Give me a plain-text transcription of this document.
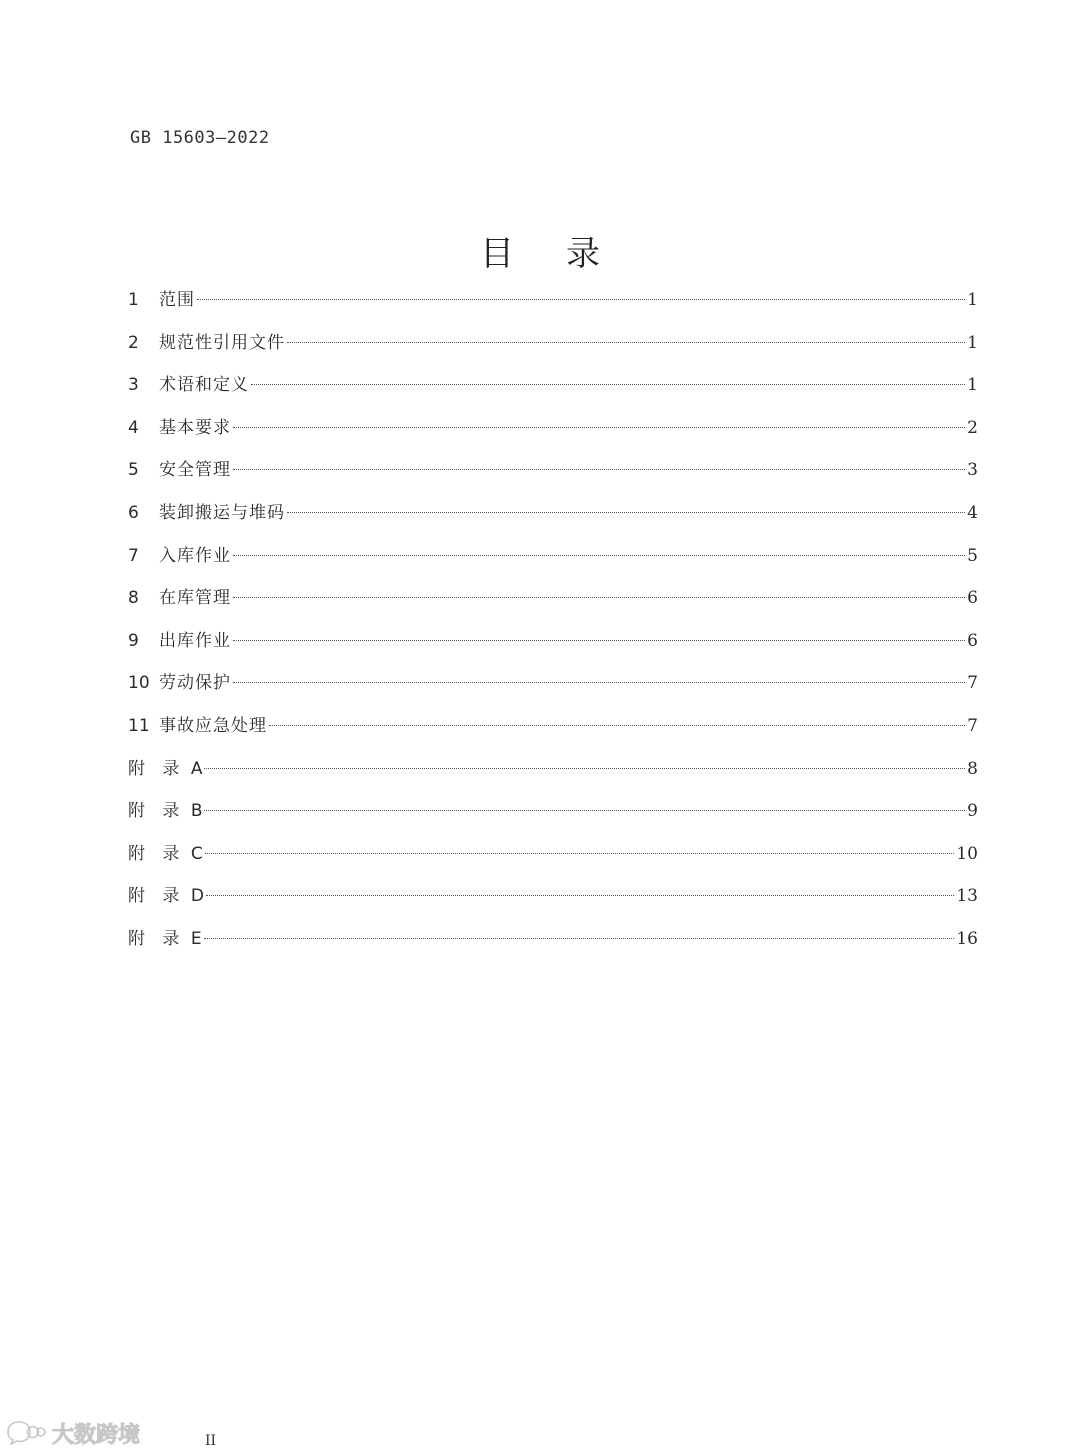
GB 15603—2022
目 录
1	范围	1
2	规范性引用文件	1
3	术语和定义	1
4	基本要求	2
5	安全管理	3
6	装卸搬运与堆码	4
7	入库作业	5
8	在库管理	6
9	出库作业	6
10 劳动保护	7
11 事故应急处理	7
附 录 A	8
附 录 B	9
附 录 C	10
附 录 D	13
附 录 E	16
II
大数跨境
